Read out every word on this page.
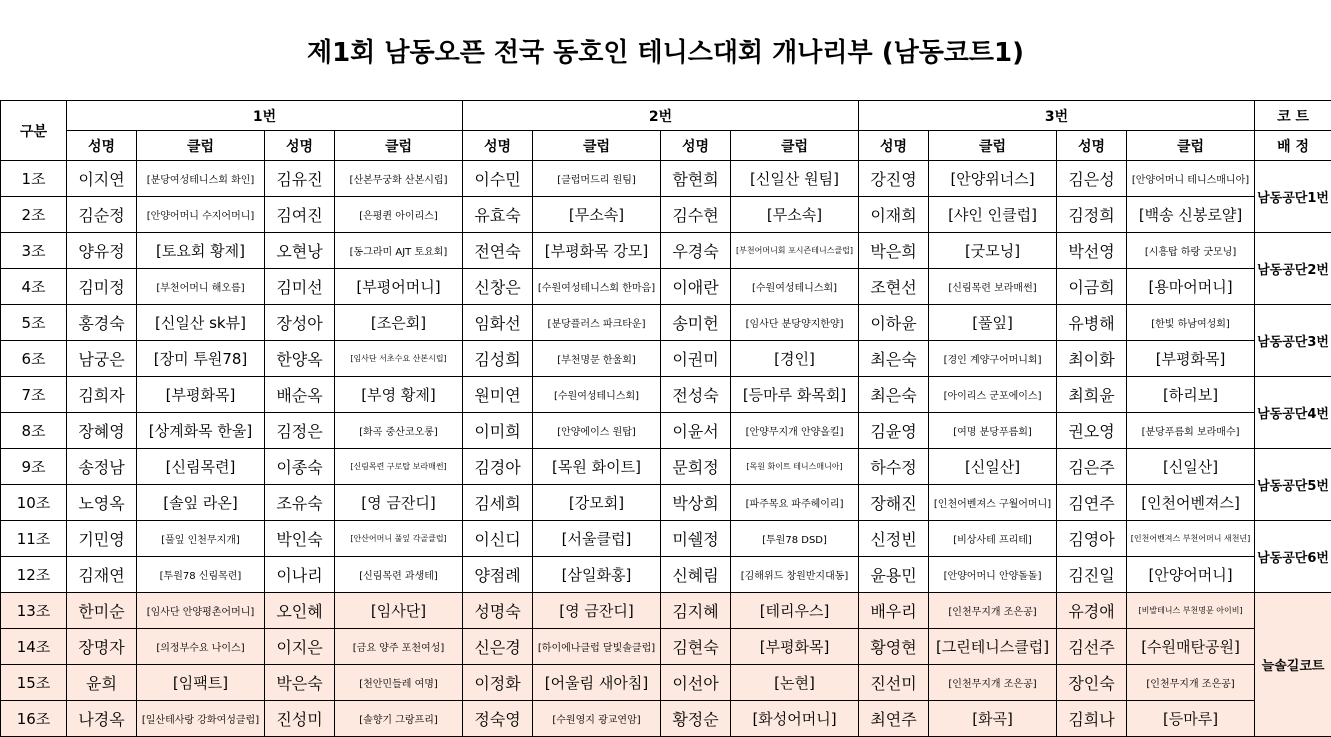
제1회 남동오픈 전국 동호인 테니스대회 개나리부 (남동코트1)
구분	1번				2번				3번				코 트
	성명	클럽	성명	클럽	성명	클럽	성명	클럽	성명	클럽	성명	클럽	배 정
1조	이지연	[분당여성테니스회 화인]	김유진	[산본무궁화 산본시립]	이수민	[클럽머드리 원팀]	함현희	[신일산 원팀]	강진영	[안양위너스]	김은성	[안양어머니 테니스매니아]	남동공단1번
2조	김순정	[안양어머니 수지어머니]	김여진	[은평퀸 아이리스]	유효숙	[무소속]	김수현	[무소속]	이재희	[샤인 인클럽]	김정희	[백송 신봉로얄]	
3조	양유정	[토요회 황제]	오현낭	[동그라미 AJT 토요회]	전연숙	[부평화목 강모]	우경숙	[부천어머니회 포시즌테니스클럽]	박은희	[굿모닝]	박선영	[시흥탑 하랑 굿모닝]	남동공단2번
4조	김미정	[부천어머니 해오름]	김미선	[부평어머니]	신창은	[수원여성테니스회 한마음]	이애란	[수원여성테니스회]	조현선	[신림목련 보라매썬]	이금희	[용마어머니]	
5조	홍경숙	[신일산 sk뷰]	장성아	[조은회]	임화선	[분당플러스 파크타운]	송미헌	[임사단 분당양지한양]	이하윤	[풀잎]	유병해	[한빛 하남여성회]	남동공단3번
6조	남궁은	[장미 투원78]	한양옥	[임사단 서초수요 산본시립]	김성희	[부천명문 한울회]	이권미	[경인]	최은숙	[경인 계양구어머니회]	최이화	[부평화목]	
7조	김희자	[부평화목]	배순옥	[부영 황제]	원미연	[수원여성테니스회]	전성숙	[등마루 화목회]	최은숙	[아이리스 군포에이스]	최희윤	[하리보]	남동공단4번
8조	장혜영	[상계화목 한울]	김정은	[화곡 중산코오롱]	이미희	[안양에이스 원탑]	이윤서	[안양무지개 안양올킬]	김윤영	[여명 분당푸름회]	권오영	[분당푸름회 보라매수]	
9조	송정남	[신림목련]	이종숙	[신림목련 구로탑 보라매썬]	김경아	[목원 화이트]	문희정	[목원 화이트 테니스매니아]	하수정	[신일산]	김은주	[신일산]	남동공단5번
10조	노영옥	[솔잎 라온]	조유숙	[영 금잔디]	김세희	[강모회]	박상희	[파주목요 파주헤이리]	장해진	[인천어벤져스 구월어머니]	김연주	[인천어벤져스]	
11조	기민영	[풀잎 인천무지개]	박인숙	[안산어머니 풀잎 각골클럽]	이신디	[서울클럽]	미쉘정	[투원78 DSD]	신정빈	[비상사테 프리테]	김영아	[인천어벤져스 부천어머니 새천년]	남동공단6번
12조	김재연	[투원78 신림목련]	이나리	[신림목련 과생테]	양점례	[삼일화홍]	신혜림	[김해위드 창원반지대동]	윤용민	[안양어머니 안양돌돌]	김진일	[안양어머니]	
13조	한미순	[임사단 안양평촌어머니]	오인혜	[임사단]	성명숙	[영 금잔디]	김지혜	[테리우스]	배우리	[인천무지개 조은공]	유경애	[비발테니스 부천명문 아이비]	늘솔길코트
14조	장명자	[의정부수요 나이스]	이지은	[금요 양주 포천여성]	신은경	[하이에나클럽 달빛솔클럽]	김현숙	[부평화목]	황영현	[그린테니스클럽]	김선주	[수원매탄공원]	
15조	윤희	[임팩트]	박은숙	[천안민들레 여명]	이정화	[어울림 새아침]	이선아	[논현]	진선미	[인천무지개 조은공]	장인숙	[인천무지개 조은공]	
16조	나경옥	[일산테사랑 강화여성클럽]	진성미	[솔향기 그랑프리]	정숙영	[수원영지 광교연암]	황정순	[화성어머니]	최연주	[화곡]	김희나	[등마루]	
